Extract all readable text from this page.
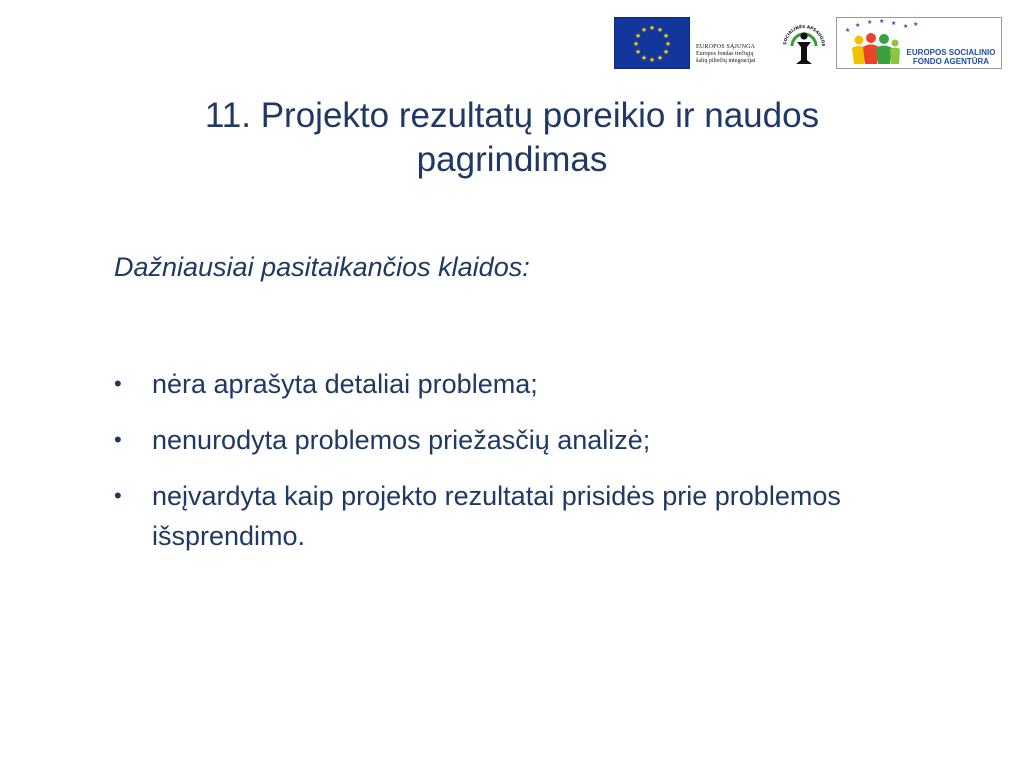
★ ★
★
★
★
★
★
★
★
★
★
★
EUROPOS SĄJUNGA
Europos fondas trečiųjų
šalių piliečių integracijai
SOCIALINĖS APSAUGOS
★
★ ★ ★ ★ ★ ★
EUROPOS SOCIALINIO
FONDO AGENTŪRA
11. Projekto rezultatų poreikio ir naudos
pagrindimas

Dažniausiai pasitaikančios klaidos:

• nėra aprašyta detaliai problema;
• nenurodyta problemos priežasčių analizė;
• neįvardyta kaip projekto rezultatai prisidės prie problemos išsprendimo.
